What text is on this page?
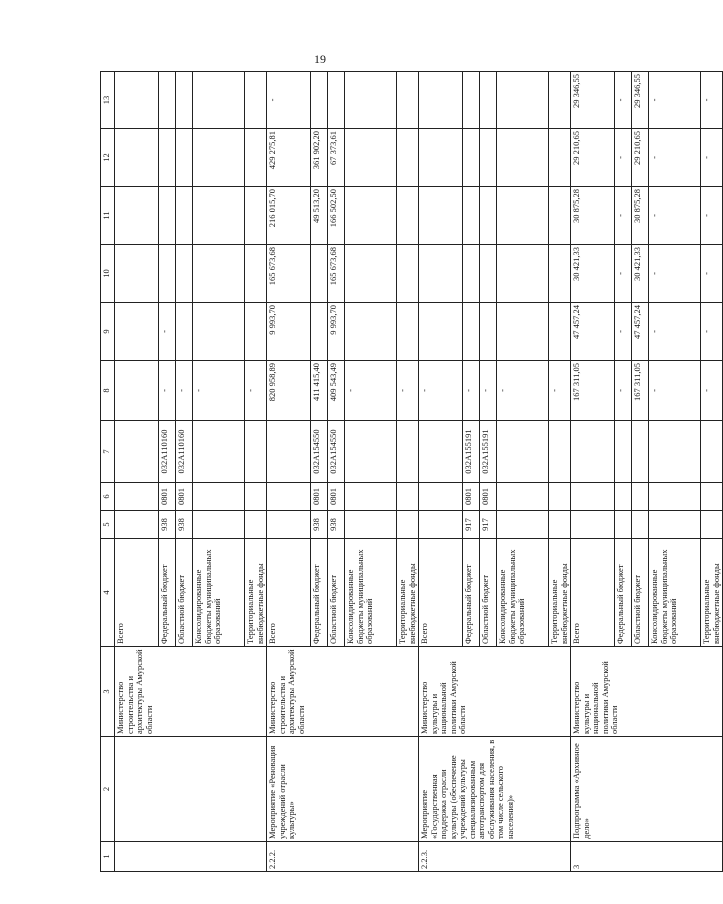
19
1	2	3	4	5	6	7	8	9	10	11	12	13
		Министерство строительства и архитектуры Амурской области	Всего									
			Федеральный бюджет	938	0801	032A110160	-	-				
			Областной бюджет	938	0801	032A110160	-					
			Консолидированные бюджеты муниципальных образований				-					
			Территориальные внебюджетные фонды				-					
2.2.2.	Мероприятие «Реновация учреждений отрасли культуры»	Министерство строительства и архитектуры Амурской области	Всего				820 958,89	9 993,70	165 673,68	216 015,70	429 275,81	-
			Федеральный бюджет	938	0801	032A154550	411 415,40			49 513,20	361 902,20	
			Областной бюджет	938	0801	032A154550	409 543,49	9 993,70	165 673,68	166 502,50	67 373,61	
			Консолидированные бюджеты муниципальных образований				-					
			Территориальные внебюджетные фонды				-					
2.2.3.	Мероприятие «Государственная поддержка отрасли культуры (обеспечение учреждений культуры специализированным автотранспортом для обслуживания населения, в том числе сельского населения)»	Министерство культуры и национальной политики Амурской области	Всего				-					
			Федеральный бюджет	917	0801	032A155191	-					
			Областной бюджет	917	0801	032A155191	-					
			Консолидированные бюджеты муниципальных образований				-					
			Территориальные внебюджетные фонды				-					
3	Подпрограмма «Архивное дело»	Министерство культуры и национальной политики Амурской области	Всего				167 311,05	47 457,24	30 421,33	30 875,28	29 210,65	29 346,55
			Федеральный бюджет				-	-	-	-	-	-
			Областной бюджет				167 311,05	47 457,24	30 421,33	30 875,28	29 210,65	29 346,55
			Консолидированные бюджеты муниципальных образований				-	-	-	-	-	-
			Территориальные внебюджетные фонды				-	-	-	-	-	-
